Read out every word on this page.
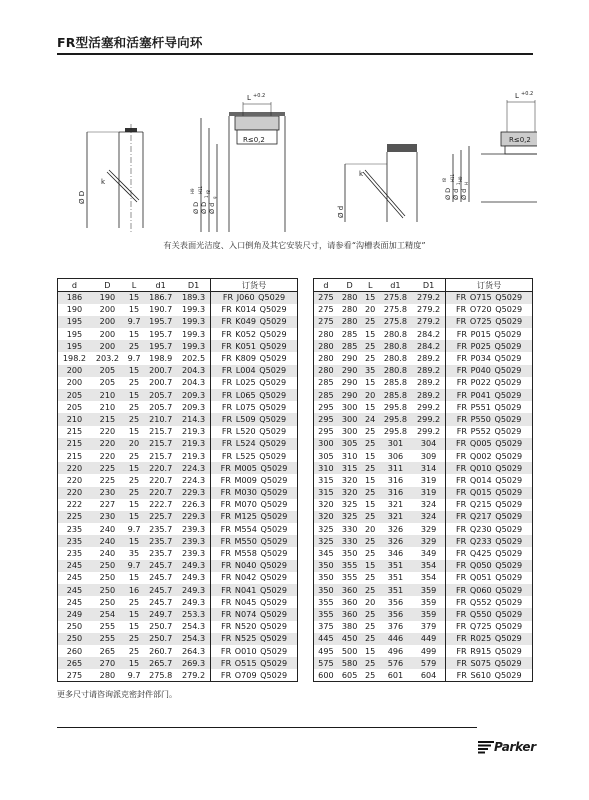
FR型活塞和活塞杆导向环
k
Ø D
L +0.2
R≤0,2
Ø D
H9
Ø D
1
H11
Ø d
g
f8
k
Ø d
L +0.2
R≤0,2
Ø D
f8
Ø d
1
H11
Ø d
H
H9
有关表面光洁度、入口倒角及其它安装尺寸，请参看“沟槽表面加工精度”
d	D	L	d1	D1	订货号
186	190	15	186.7	189.3	FR J060 Q5029
190	200	15	190.7	199.3	FR K014 Q5029
195	200	9.7	195.7	199.3	FR K049 Q5029
195	200	15	195.7	199.3	FR K052 Q5029
195	200	25	195.7	199.3	FR K051 Q5029
198.2	203.2	9.7	198.9	202.5	FR K809 Q5029
200	205	15	200.7	204.3	FR L004 Q5029
200	205	25	200.7	204.3	FR L025 Q5029
205	210	15	205.7	209.3	FR L065 Q5029
205	210	25	205.7	209.3	FR L075 Q5029
210	215	25	210.7	214.3	FR L509 Q5029
215	220	15	215.7	219.3	FR L520 Q5029
215	220	20	215.7	219.3	FR L524 Q5029
215	220	25	215.7	219.3	FR L525 Q5029
220	225	15	220.7	224.3	FR M005 Q5029
220	225	25	220.7	224.3	FR M009 Q5029
220	230	25	220.7	229.3	FR M030 Q5029
222	227	15	222.7	226.3	FR M070 Q5029
225	230	15	225.7	229.3	FR M125 Q5029
235	240	9.7	235.7	239.3	FR M554 Q5029
235	240	15	235.7	239.3	FR M550 Q5029
235	240	35	235.7	239.3	FR M558 Q5029
245	250	9.7	245.7	249.3	FR N040 Q5029
245	250	15	245.7	249.3	FR N042 Q5029
245	250	16	245.7	249.3	FR N041 Q5029
245	250	25	245.7	249.3	FR N045 Q5029
249	254	15	249.7	253.3	FR N074 Q5029
250	255	15	250.7	254.3	FR N520 Q5029
250	255	25	250.7	254.3	FR N525 Q5029
260	265	25	260.7	264.3	FR O010 Q5029
265	270	15	265.7	269.3	FR O515 Q5029
275	280	9.7	275.8	279.2	FR O709 Q5029
d	D	L	d1	D1	订货号
275	280	15	275.8	279.2	FR O715 Q5029
275	280	20	275.8	279.2	FR O720 Q5029
275	280	25	275.8	279.2	FR O725 Q5029
280	285	15	280.8	284.2	FR P015 Q5029
280	285	25	280.8	284.2	FR P025 Q5029
280	290	25	280.8	289.2	FR P034 Q5029
280	290	35	280.8	289.2	FR P040 Q5029
285	290	15	285.8	289.2	FR P022 Q5029
285	290	20	285.8	289.2	FR P041 Q5029
295	300	15	295.8	299.2	FR P551 Q5029
295	300	24	295.8	299.2	FR P550 Q5029
295	300	25	295.8	299.2	FR P552 Q5029
300	305	25	301	304	FR Q005 Q5029
305	310	15	306	309	FR Q002 Q5029
310	315	25	311	314	FR Q010 Q5029
315	320	15	316	319	FR Q014 Q5029
315	320	25	316	319	FR Q015 Q5029
320	325	15	321	324	FR Q215 Q5029
320	325	25	321	324	FR Q217 Q5029
325	330	20	326	329	FR Q230 Q5029
325	330	25	326	329	FR Q233 Q5029
345	350	25	346	349	FR Q425 Q5029
350	355	15	351	354	FR Q050 Q5029
350	355	25	351	354	FR Q051 Q5029
350	360	25	351	359	FR Q060 Q5029
355	360	20	356	359	FR Q552 Q5029
355	360	25	356	359	FR Q550 Q5029
375	380	25	376	379	FR Q725 Q5029
445	450	25	446	449	FR R025 Q5029
495	500	15	496	499	FR R915 Q5029
575	580	25	576	579	FR S075 Q5029
600	605	25	601	604	FR S610 Q5029
更多尺寸请咨询派克密封件部门。
Parker
